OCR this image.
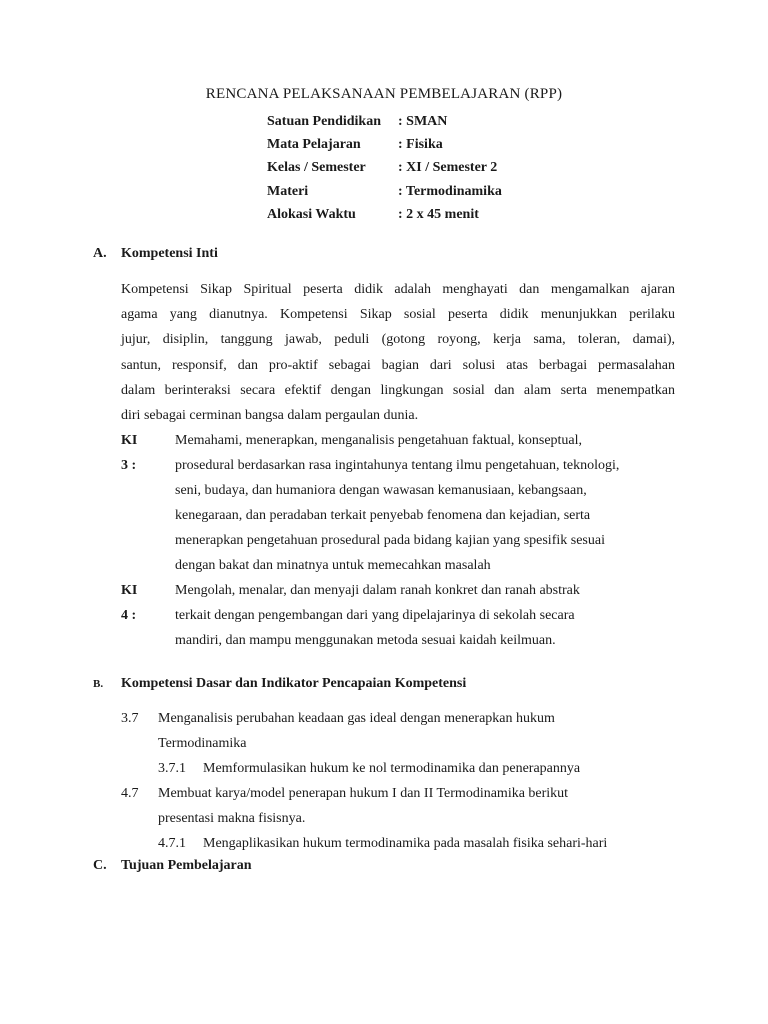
RENCANA PELAKSANAAN PEMBELAJARAN (RPP)
Satuan Pendidikan	: SMAN
Mata Pelajaran	: Fisika
Kelas / Semester	: XI / Semester 2
Materi	: Termodinamika
Alokasi Waktu	: 2 x 45 menit
A.	Kompetensi Inti
Kompetensi Sikap Spiritual peserta didik adalah menghayati dan mengamalkan ajaran
agama yang dianutnya. Kompetensi Sikap sosial peserta didik menunjukkan perilaku
jujur, disiplin, tanggung jawab, peduli (gotong royong, kerja sama, toleran, damai),
santun, responsif, dan pro-aktif sebagai bagian dari solusi atas berbagai permasalahan
dalam berinteraksi secara efektif dengan lingkungan sosial dan alam serta menempatkan
diri sebagai cerminan bangsa dalam pergaulan dunia.
KI 3 :
Memahami, menerapkan, menganalisis pengetahuan faktual, konseptual,
prosedural berdasarkan rasa ingintahunya tentang ilmu pengetahuan, teknologi,
seni, budaya, dan humaniora dengan wawasan kemanusiaan, kebangsaan,
kenegaraan, dan peradaban terkait penyebab fenomena dan kejadian, serta
menerapkan pengetahuan prosedural pada bidang kajian yang spesifik sesuai
dengan bakat dan minatnya untuk memecahkan masalah
KI 4 :
Mengolah, menalar, dan menyaji dalam ranah konkret dan ranah abstrak
terkait dengan pengembangan dari yang dipelajarinya di sekolah secara
mandiri, dan mampu menggunakan metoda sesuai kaidah keilmuan.
B.	Kompetensi Dasar dan Indikator Pencapaian Kompetensi
3.7 Menganalisis perubahan keadaan gas ideal dengan menerapkan hukum
Termodinamika
3.7.1 Memformulasikan hukum ke nol termodinamika dan penerapannya
4.7 Membuat karya/model penerapan hukum I dan II Termodinamika berikut
presentasi makna fisisnya.
4.7.1 Mengaplikasikan hukum termodinamika pada masalah fisika sehari-hari
C.	Tujuan Pembelajaran
